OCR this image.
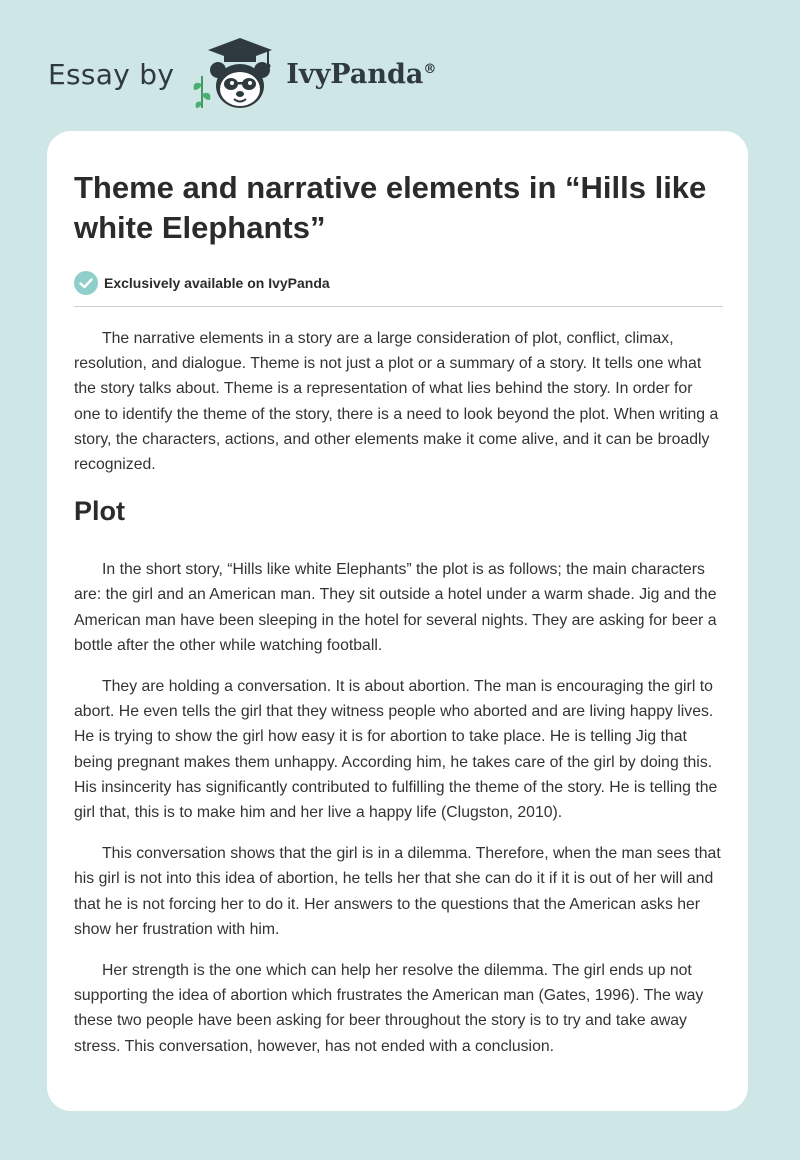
Essay by	IvyPanda®
Theme and narrative elements in “Hills like white Elephants”
Exclusively available on IvyPanda

The narrative elements in a story are a large consideration of plot, conflict, climax, resolution, and dialogue. Theme is not just a plot or a summary of a story. It tells one what the story talks about. Theme is a representation of what lies behind the story. In order for one to identify the theme of the story, there is a need to look beyond the plot. When writing a story, the characters, actions, and other elements make it come alive, and it can be broadly recognized.

Plot

In the short story, “Hills like white Elephants” the plot is as follows; the main characters are: the girl and an American man. They sit outside a hotel under a warm shade. Jig and the American man have been sleeping in the hotel for several nights. They are asking for beer a bottle after the other while watching football.

They are holding a conversation. It is about abortion. The man is encouraging the girl to abort. He even tells the girl that they witness people who aborted and are living happy lives. He is trying to show the girl how easy it is for abortion to take place. He is telling Jig that being pregnant makes them unhappy. According him, he takes care of the girl by doing this. His insincerity has significantly contributed to fulfilling the theme of the story. He is telling the girl that, this is to make him and her live a happy life (Clugston, 2010).

This conversation shows that the girl is in a dilemma. Therefore, when the man sees that his girl is not into this idea of abortion, he tells her that she can do it if it is out of her will and that he is not forcing her to do it. Her answers to the questions that the American asks her show her frustration with him.

Her strength is the one which can help her resolve the dilemma. The girl ends up not supporting the idea of abortion which frustrates the American man (Gates, 1996). The way these two people have been asking for beer throughout the story is to try and take away stress. This conversation, however, has not ended with a conclusion.
